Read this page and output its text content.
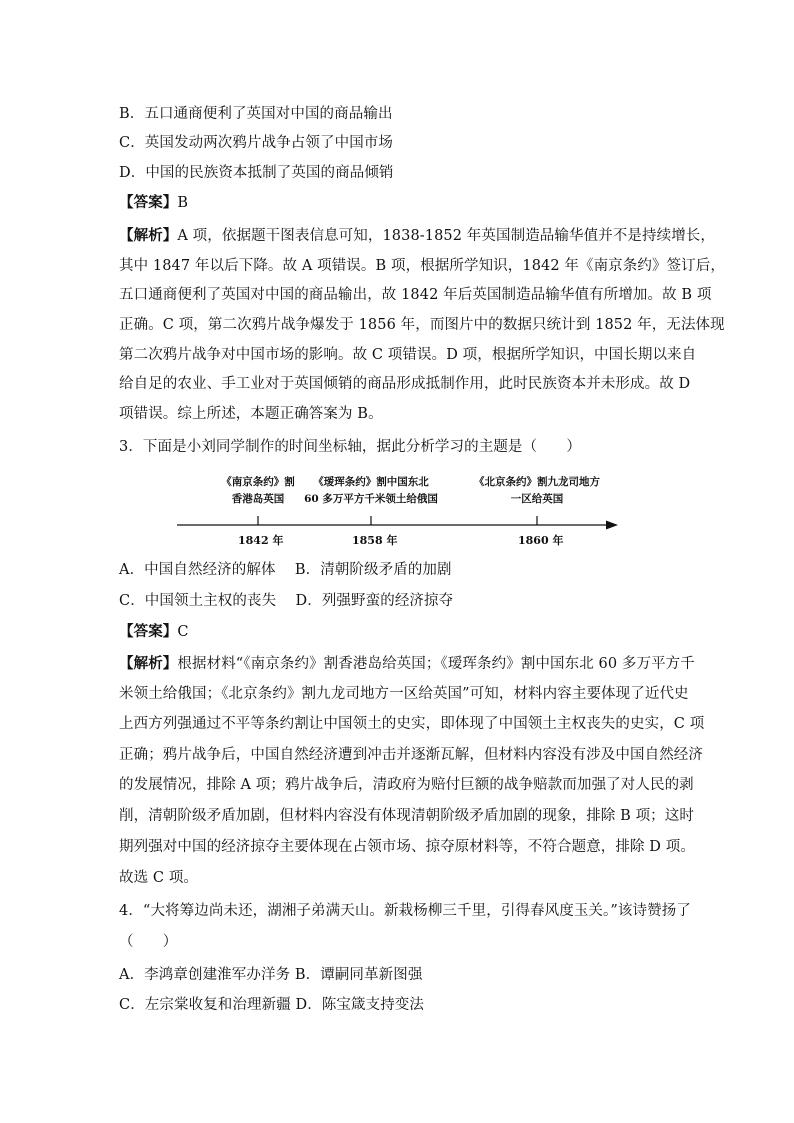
B．五口通商便利了英国对中国的商品输出
C．英国发动两次鸦片战争占领了中国市场
D．中国的民族资本抵制了英国的商品倾销
【答案】B
【解析】A 项，依据题干图表信息可知，1838-1852 年英国制造品输华值并不是持续增长，
其中 1847 年以后下降。故 A 项错误。B 项，根据所学知识，1842 年《南京条约》签订后，
五口通商便利了英国对中国的商品输出，故 1842 年后英国制造品输华值有所增加。故 B 项
正确。C 项，第二次鸦片战争爆发于 1856 年，而图片中的数据只统计到 1852 年，无法体现
第二次鸦片战争对中国市场的影响。故 C 项错误。D 项，根据所学知识，中国长期以来自
给自足的农业、手工业对于英国倾销的商品形成抵制作用，此时民族资本并未形成。故 D
项错误。综上所述，本题正确答案为 B。
3．下面是小刘同学制作的时间坐标轴，据此分析学习的主题是（　　）
《南京条约》割
香港岛英国
《瑷珲条约》割中国东北
60 多万平方千米领土给俄国
《北京条约》割九龙司地方
一区给英国
1842 年	1858 年	1860 年
A．中国自然经济的解体　 B．清朝阶级矛盾的加剧
C．中国领土主权的丧失　 D．列强野蛮的经济掠夺
【答案】C
【解析】根据材料“《南京条约》割香港岛给英国；《瑷珲条约》割中国东北 60 多万平方千
米领土给俄国；《北京条约》割九龙司地方一区给英国”可知，材料内容主要体现了近代史
上西方列强通过不平等条约割让中国领土的史实，即体现了中国领土主权丧失的史实，C 项
正确；鸦片战争后，中国自然经济遭到冲击并逐渐瓦解，但材料内容没有涉及中国自然经济
的发展情况，排除 A 项；鸦片战争后，清政府为赔付巨额的战争赔款而加强了对人民的剥
削，清朝阶级矛盾加剧，但材料内容没有体现清朝阶级矛盾加剧的现象，排除 B 项；这时
期列强对中国的经济掠夺主要体现在占领市场、掠夺原材料等，不符合题意，排除 D 项。
故选 C 项。
4．“大将筹边尚未还，湖湘子弟满天山。新栽杨柳三千里，引得春风度玉关。”该诗赞扬了
（　　）
A．李鸿章创建淮军办洋务 B．谭嗣同革新图强
C．左宗棠收复和治理新疆 D．陈宝箴支持变法
